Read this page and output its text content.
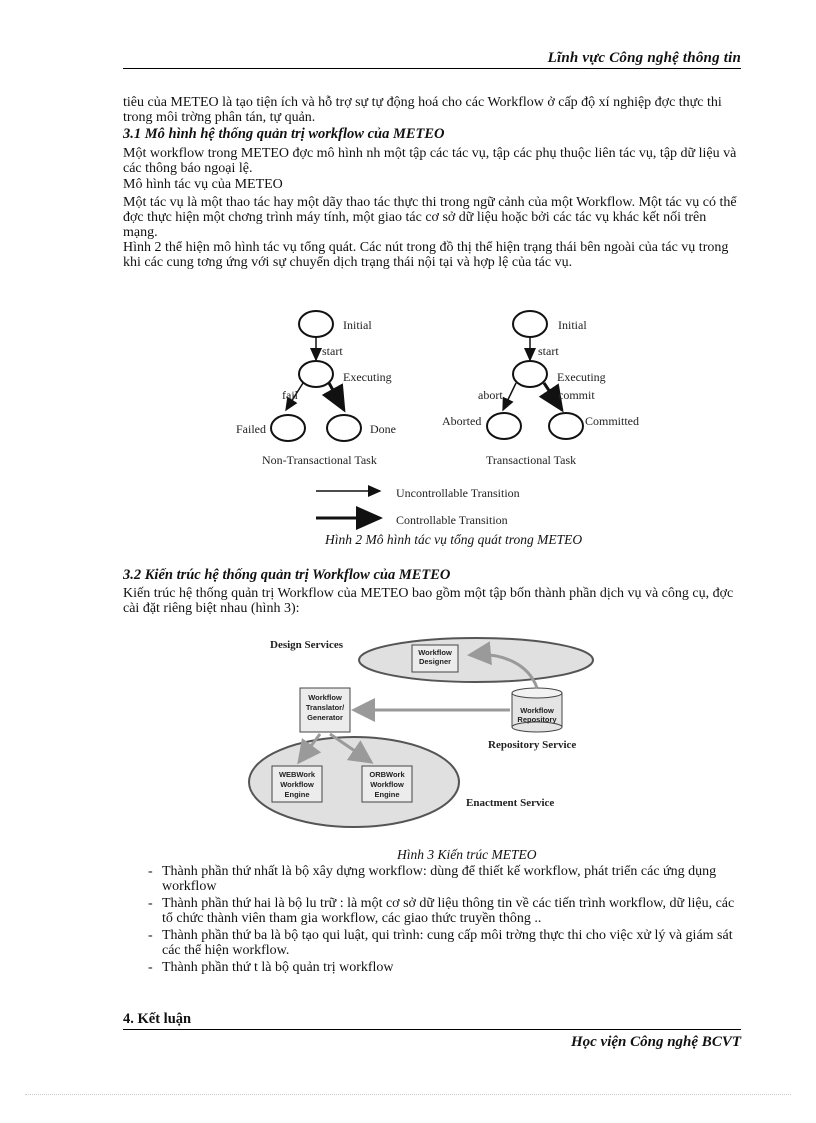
Lĩnh vực Công nghệ thông tin

tiêu của METEO là tạo tiện ích và hỗ trợ sự tự động hoá cho các Workflow ở cấp độ xí nghiệp đợc thực thi trong môi trờng phân tán, tự quản.

3.1 Mô hình hệ thống quản trị workflow của METEO

Một workflow trong METEO đợc mô hình nh một tập các tác vụ, tập các phụ thuộc liên tác vụ, tập dữ liệu và các thông báo ngoại lệ.

Mô hình tác vụ của METEO

Một tác vụ là một thao tác hay một dãy thao tác thực thi trong ngữ cảnh của một Workflow. Một tác vụ có thể đợc thực hiện một chơng trình máy tính, một giao tác cơ sở dữ liệu hoặc bởi các tác vụ khác kết nối trên mạng.

Hình 2 thể hiện mô hình tác vụ tổng quát. Các nút trong đồ thị thể hiện trạng thái bên ngoài của tác vụ trong khi các cung tơng ứng với sự chuyển dịch trạng thái nội tại và hợp lệ của tác vụ.

Initial
start
Executing
fail
Failed	Done
Non-Transactional Task
Initial
start
Executing
abort	commit
Aborted	Committed
Transactional Task
Uncontrollable Transition
Controllable Transition
Hình 2 Mô hình tác vụ tổng quát trong METEO

3.2 Kiến trúc hệ thống quản trị Workflow của METEO

Kiến trúc hệ thống quản trị Workflow của METEO bao gồm một tập bốn thành phần dịch vụ và công cụ, đợc cài đặt riêng biệt nhau (hình 3):

Design Services
Workflow
Designer
Workflow
Repository
Repository Service
Workflow
Translator/
Generator
WEBWork
Workflow
Engine
ORBWork
Workflow
Engine
Enactment Service
Hình 3 Kiến trúc METEO
- Thành phần thứ nhất là bộ xây dựng workflow: dùng để thiết kế workflow, phát triển các ứng dụng workflow
- Thành phần thứ hai là bộ lu trữ : là một cơ sở dữ liệu thông tin về các tiến trình workflow, dữ liệu, các tổ chức thành viên tham gia workflow, các giao thức truyền thông ..
- Thành phần thứ ba là bộ tạo qui luật, qui trình: cung cấp môi trờng thực thi cho việc xử lý và giám sát các thể hiện workflow.
- Thành phần thứ t là bộ quản trị workflow
4. Kết luận
Học viện Công nghệ BCVT
